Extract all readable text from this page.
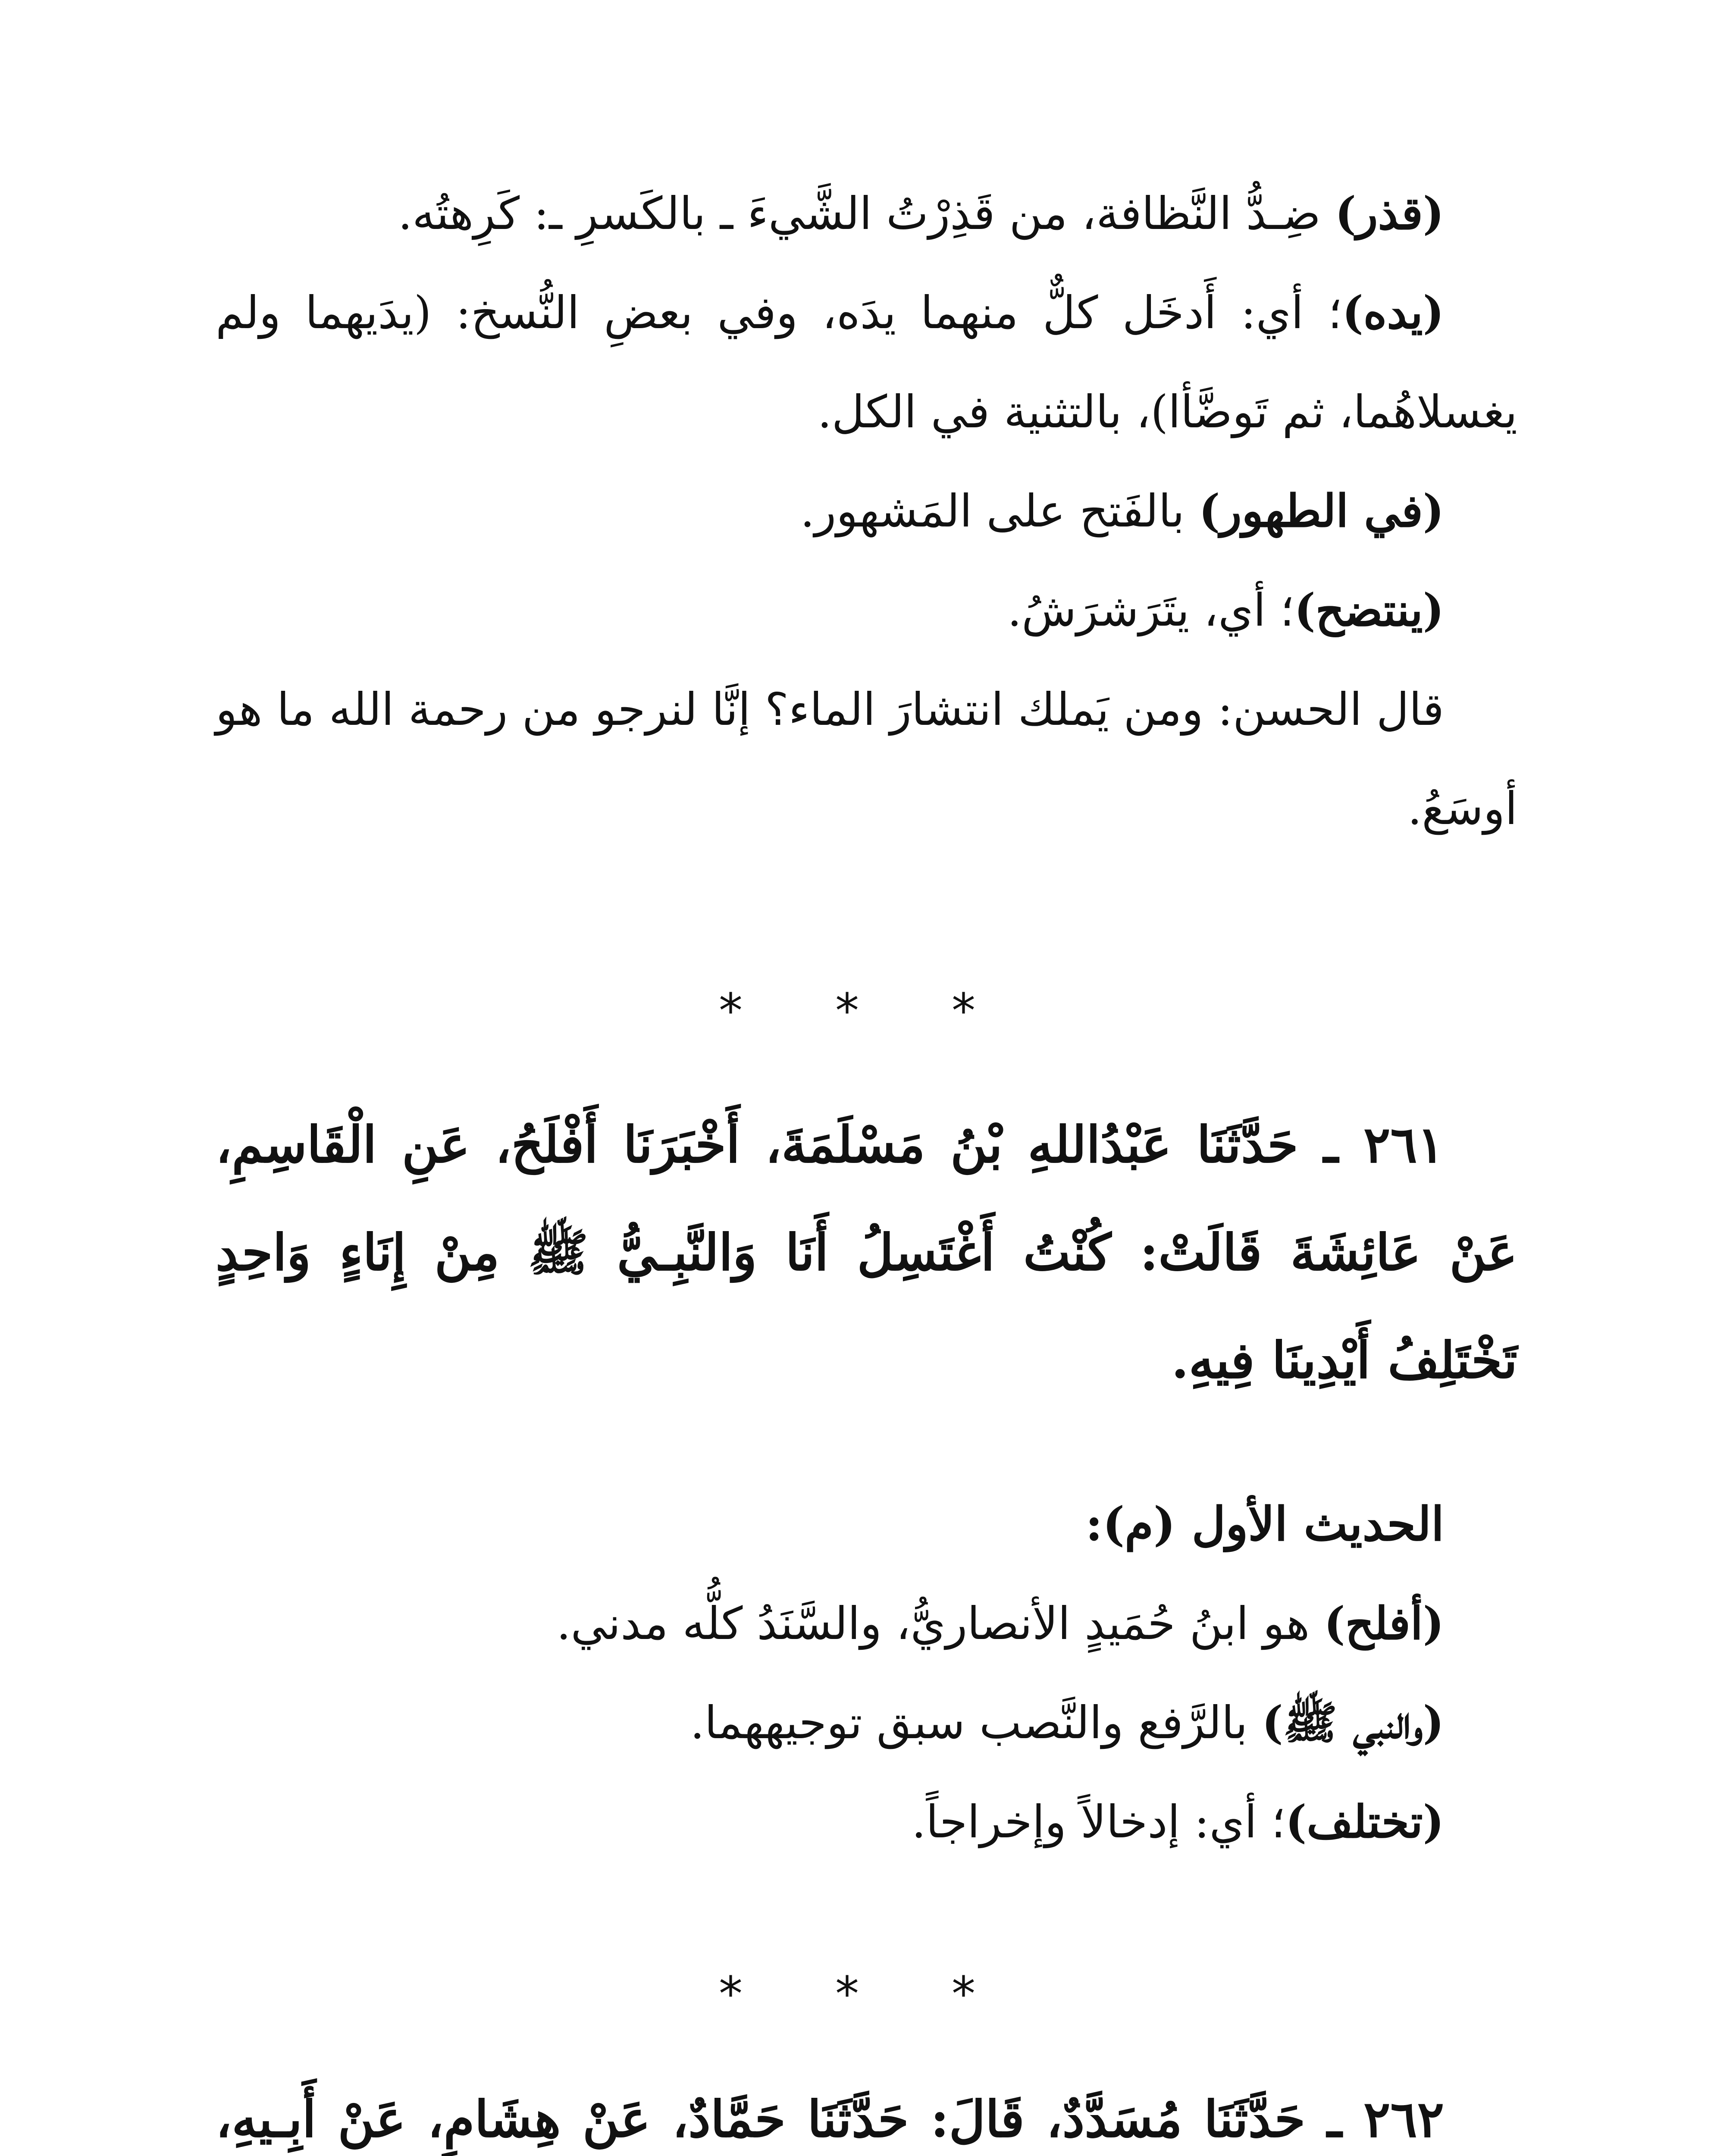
(قذر) ضِـدُّ النَّظافة، من قَذِرْتُ الشَّيءَ ـ بالكَسرِ ـ: كَرِهتُه.

(يده)؛ أي: أَدخَل كلٌّ منهما يدَه، وفي بعضِ النُّسخ: (يدَيهما ولم يغسلاهُما، ثم تَوضَّأا)، بالتثنية في الكل.

(في الطهور) بالفَتح على المَشهور.

(ينتضح)؛ أي، يتَرَشرَشُ.

قال الحسن: ومن يَملك انتشارَ الماء؟ إنَّا لنرجو من رحمة الله ما هو أوسَعُ.

* * *

٢٦١ ـ حَدَّثَنَا عَبْدُاللهِ بْنُ مَسْلَمَةَ، أَخْبَرَنَا أَفْلَحُ، عَنِ الْقَاسِمِ، عَنْ عَائِشَةَ قَالَتْ: كُنْتُ أَغْتَسِلُ أَنَا وَالنَّبِـيُّ ﷺ مِنْ إِنَاءٍ وَاحِدٍ تَخْتَلِفُ أَيْدِينَا فِيهِ.

الحديث الأول (م):

(أفلح) هو ابنُ حُمَيدٍ الأنصاريُّ، والسَّنَدُ كلُّه مدني.

(والنبي ﷺ) بالرَّفع والنَّصب سبق توجيههما.

(تختلف)؛ أي: إدخالاً وإخراجاً.

* * *

٢٦٢ ـ حَدَّثَنَا مُسَدَّدٌ، قَالَ: حَدَّثَنَا حَمَّادٌ، عَنْ هِشَامٍ، عَنْ أَبِـيهِ،
